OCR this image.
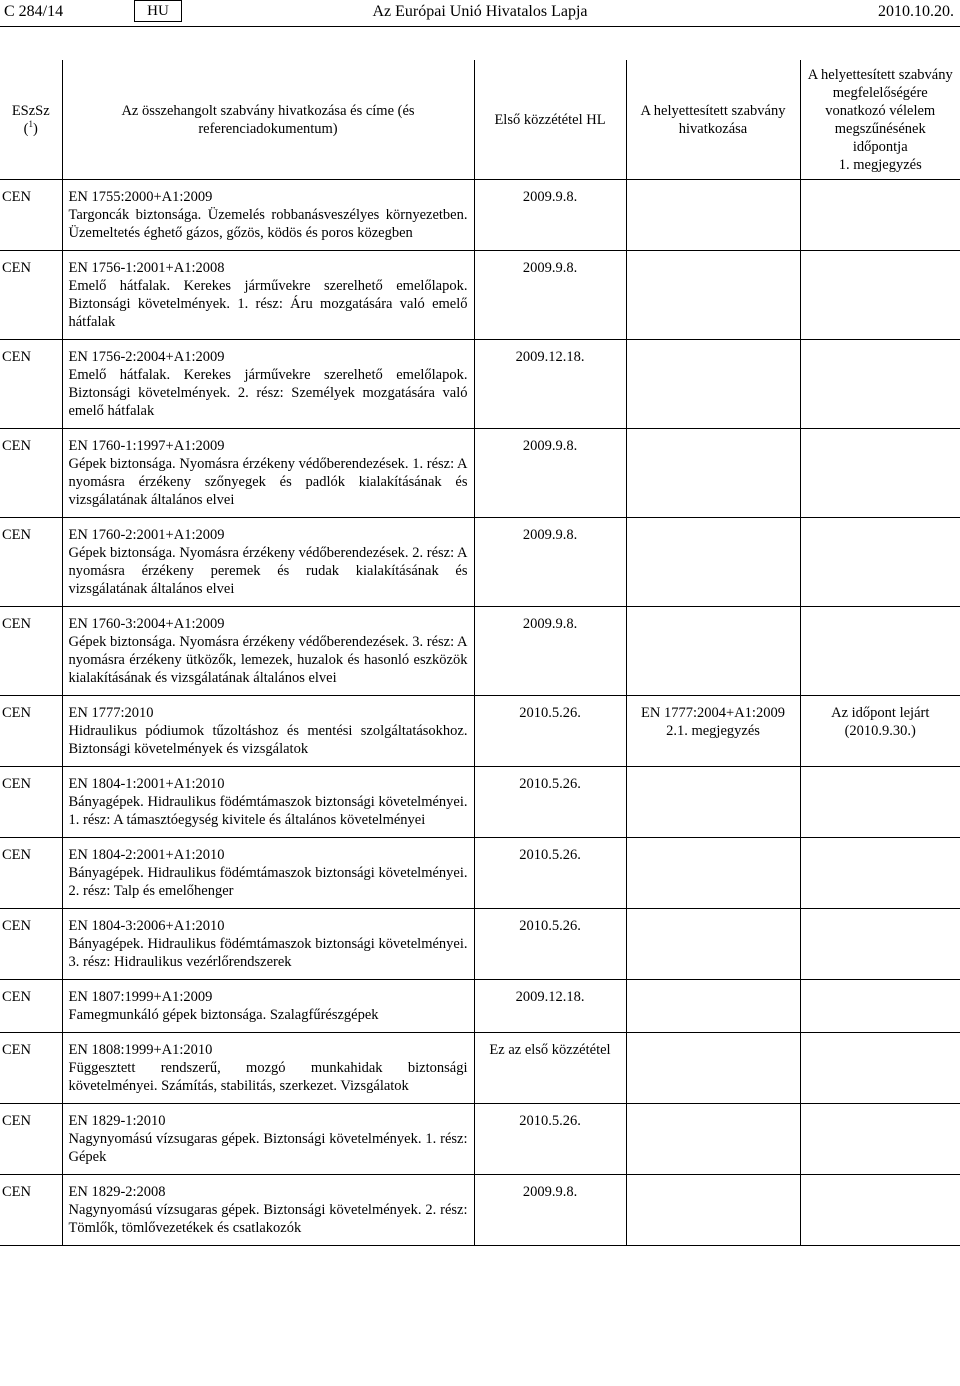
C 284/14	HU	Az Európai Unió Hivatalos Lapja	2010.10.20.
ESzSz ($^1$)	Az összehangolt szabvány hivatkozása és címe (és referenciadokumentum)	Első közzététel HL	A helyettesített szabvány hivatkozása	A helyettesített szabvány megfelelőségére vonatkozó vélelem megszűnésének időpontja
1. megjegyzés

CEN	EN 1755:2000+A1:2009
Targoncák biztonsága. Üzemelés robbanásveszélyes környezetben. Üzemeltetés éghető gázos, gőzös, ködös és poros közegben	2009.9.8.	

CEN	EN 1756-1:2001+A1:2008
Emelő hátfalak. Kerekes járművekre szerelhető emelőlapok. Biztonsági követelmények. 1. rész: Áru mozgatására való emelő hátfalak	2009.9.8.	

CEN	EN 1756-2:2004+A1:2009
Emelő hátfalak. Kerekes járművekre szerelhető emelőlapok. Biztonsági követelmények. 2. rész: Személyek mozgatására való emelő hátfalak	2009.12.18.	

CEN	EN 1760-1:1997+A1:2009
Gépek biztonsága. Nyomásra érzékeny védőberendezések. 1. rész: A nyomásra érzékeny szőnyegek és padlók kialakításának és vizsgálatának általános elvei	2009.9.8.	

CEN	EN 1760-2:2001+A1:2009
Gépek biztonsága. Nyomásra érzékeny védőberendezések. 2. rész: A nyomásra érzékeny peremek és rudak kialakításának és vizsgálatának általános elvei	2009.9.8.	

CEN	EN 1760-3:2004+A1:2009
Gépek biztonsága. Nyomásra érzékeny védőberendezések. 3. rész: A nyomásra érzékeny ütközők, lemezek, huzalok és hasonló eszközök kialakításának és vizsgálatának általános elvei	2009.9.8.	

CEN	EN 1777:2010
Hidraulikus pódiumok tűzoltáshoz és mentési szolgáltatásokhoz. Biztonsági követelmények és vizsgálatok	2010.5.26.	EN 1777:2004+A1:2009
2.1. megjegyzés	Az időpont lejárt
(2010.9.30.)

CEN	EN 1804-1:2001+A1:2010
Bányagépek. Hidraulikus födémtámaszok biztonsági követelményei. 1. rész: A támasztóegység kivitele és általános követelményei	2010.5.26.	

CEN	EN 1804-2:2001+A1:2010
Bányagépek. Hidraulikus födémtámaszok biztonsági követelményei. 2. rész: Talp és emelőhenger	2010.5.26.	

CEN	EN 1804-3:2006+A1:2010
Bányagépek. Hidraulikus födémtámaszok biztonsági követelményei. 3. rész: Hidraulikus vezérlőrendszerek	2010.5.26.	

CEN	EN 1807:1999+A1:2009
Famegmunkáló gépek biztonsága. Szalagfűrészgépek	2009.12.18.	

CEN	EN 1808:1999+A1:2010
Függesztett rendszerű, mozgó munkahidak biztonsági követelményei. Számítás, stabilitás, szerkezet. Vizsgálatok	Ez az első közzététel	

CEN	EN 1829-1:2010
Nagynyomású vízsugaras gépek. Biztonsági követelmények. 1. rész: Gépek	2010.5.26.	

CEN	EN 1829-2:2008
Nagynyomású vízsugaras gépek. Biztonsági követelmények. 2. rész: Tömlők, tömlővezetékek és csatlakozók	2009.9.8.	
